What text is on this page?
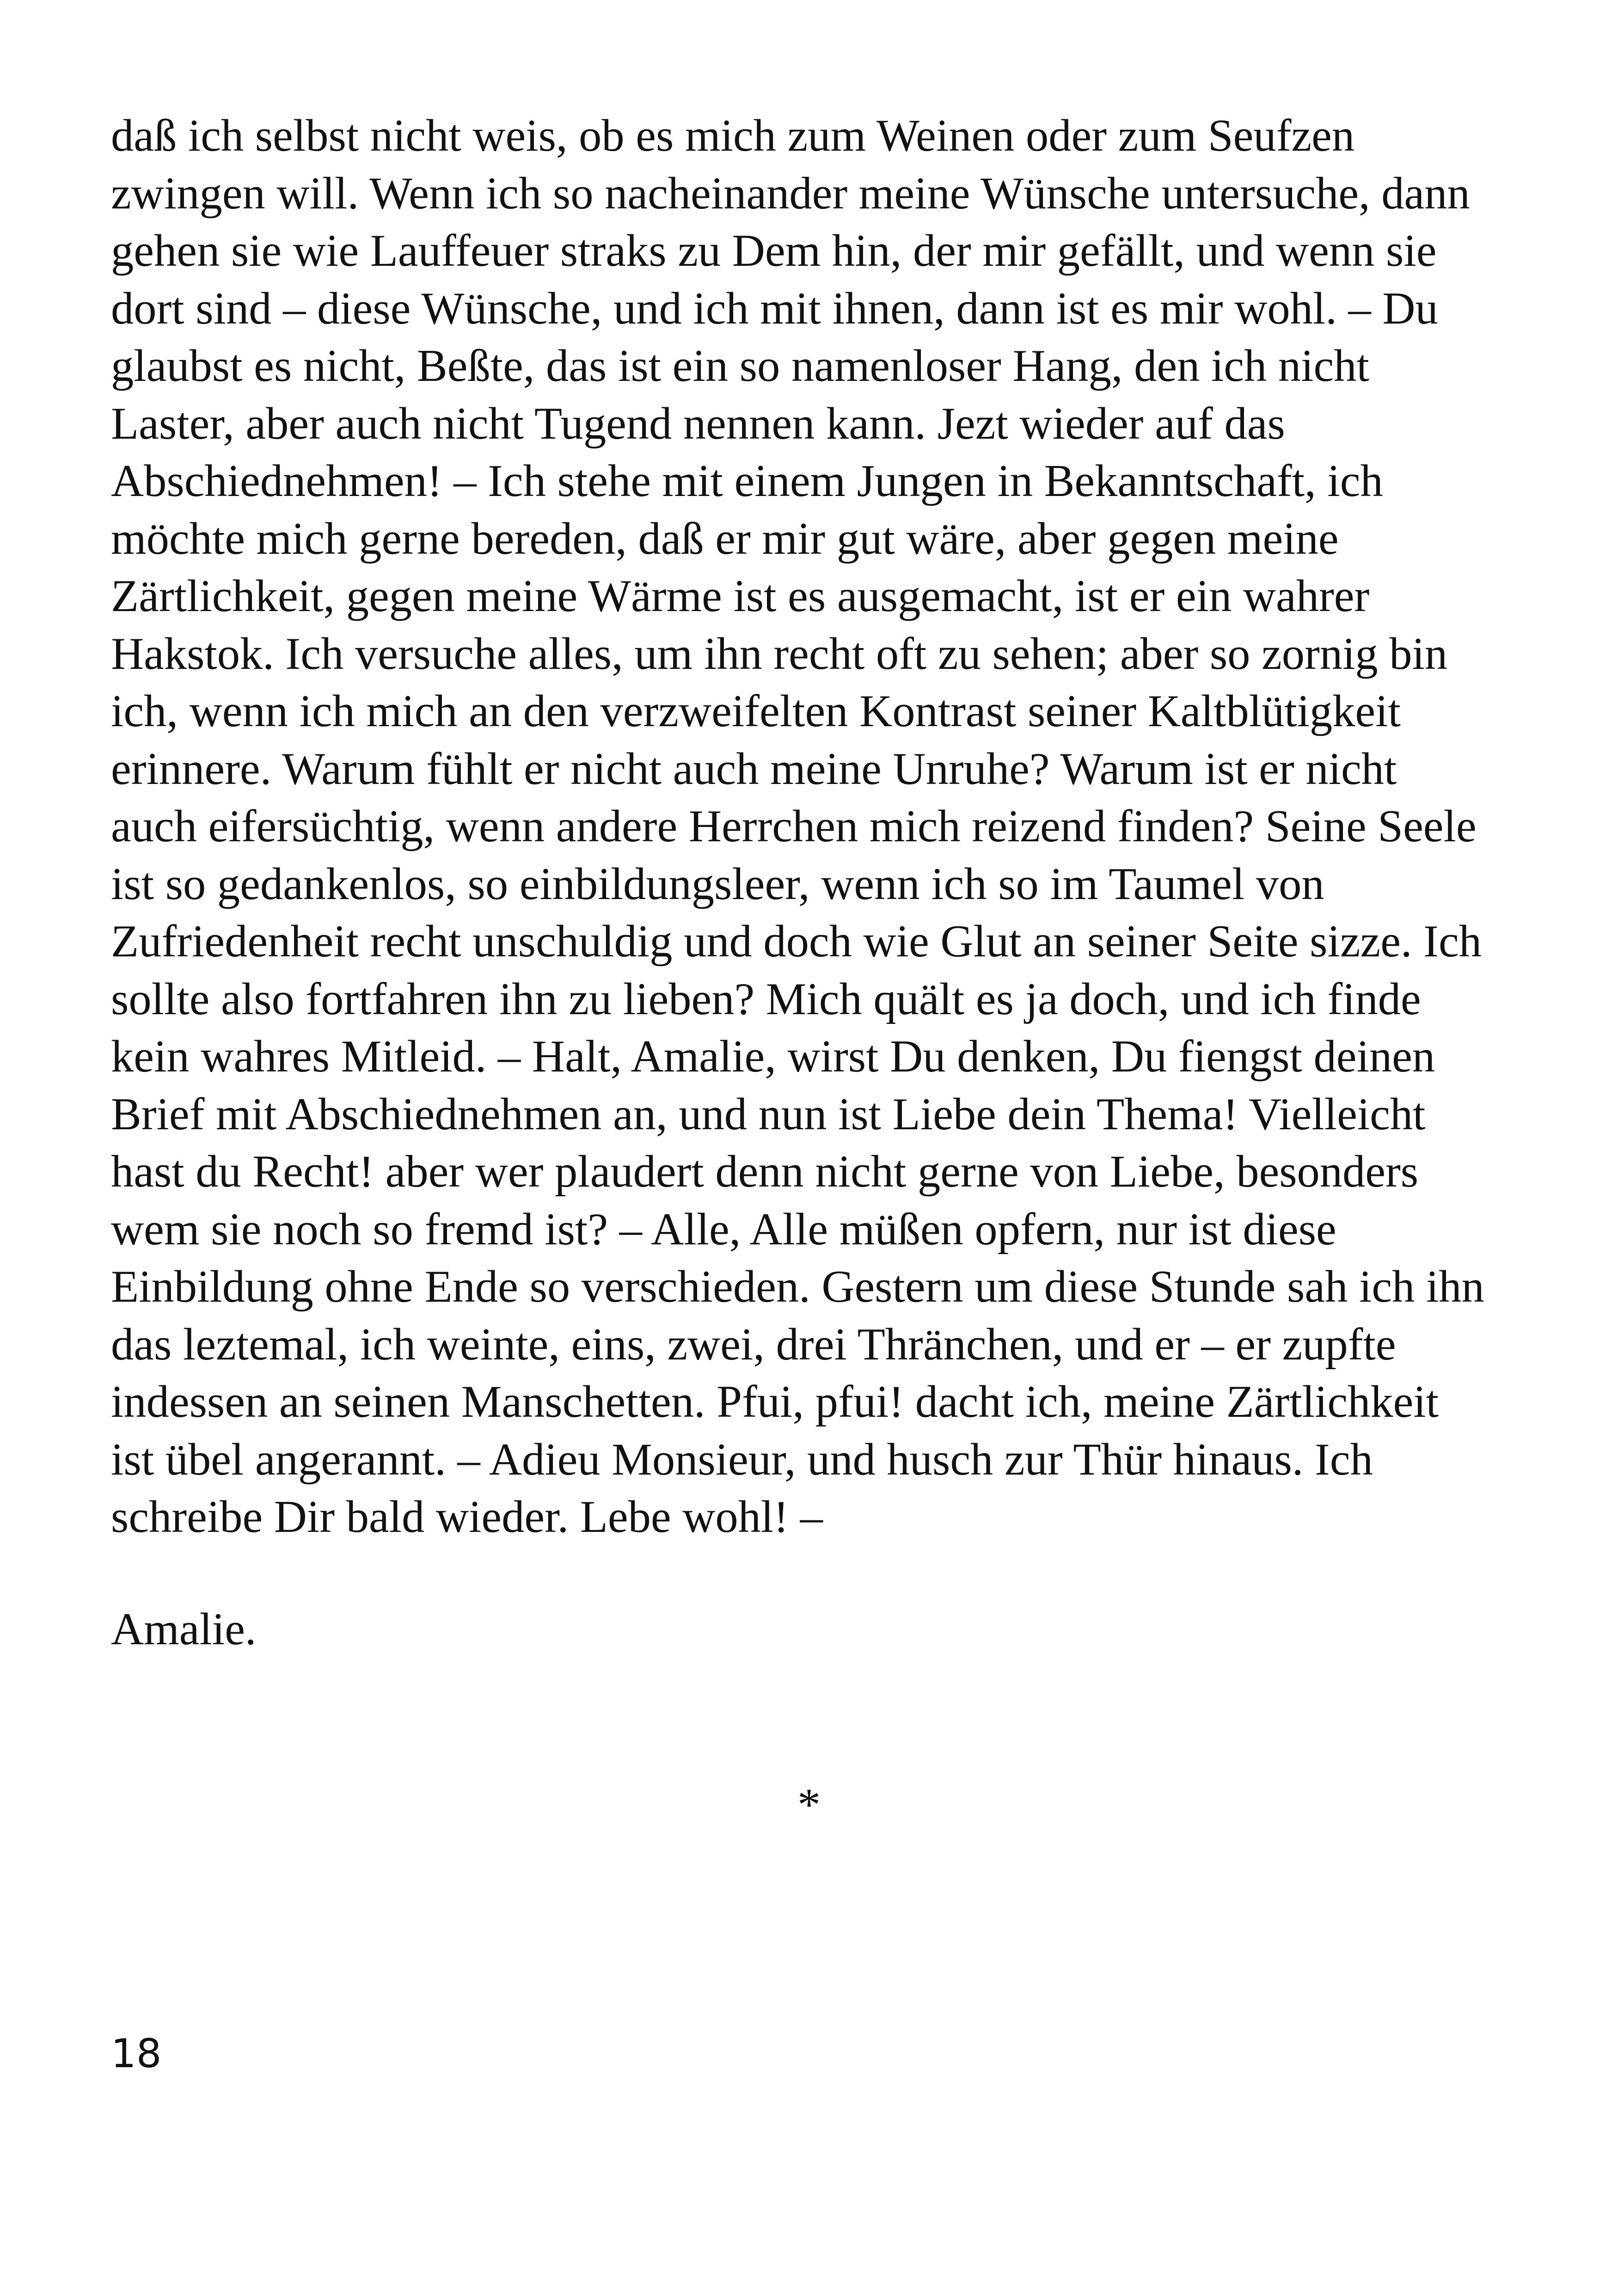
daß ich selbst nicht weis, ob es mich zum Weinen oder zum Seufzen
zwingen will. Wenn ich so nacheinander meine Wünsche untersuche, dann
gehen sie wie Lauffeuer straks zu Dem hin, der mir gefällt, und wenn sie
dort sind – diese Wünsche, und ich mit ihnen, dann ist es mir wohl. – Du
glaubst es nicht, Beßte, das ist ein so namenloser Hang, den ich nicht
Laster, aber auch nicht Tugend nennen kann. Jezt wieder auf das
Abschiednehmen! – Ich stehe mit einem Jungen in Bekanntschaft, ich
möchte mich gerne bereden, daß er mir gut wäre, aber gegen meine
Zärtlichkeit, gegen meine Wärme ist es ausgemacht, ist er ein wahrer
Hakstok. Ich versuche alles, um ihn recht oft zu sehen; aber so zornig bin
ich, wenn ich mich an den verzweifelten Kontrast seiner Kaltblütigkeit
erinnere. Warum fühlt er nicht auch meine Unruhe? Warum ist er nicht
auch eifersüchtig, wenn andere Herrchen mich reizend finden? Seine Seele
ist so gedankenlos, so einbildungsleer, wenn ich so im Taumel von
Zufriedenheit recht unschuldig und doch wie Glut an seiner Seite sizze. Ich
sollte also fortfahren ihn zu lieben? Mich quält es ja doch, und ich finde
kein wahres Mitleid. – Halt, Amalie, wirst Du denken, Du fiengst deinen
Brief mit Abschiednehmen an, und nun ist Liebe dein Thema! Vielleicht
hast du Recht! aber wer plaudert denn nicht gerne von Liebe, besonders
wem sie noch so fremd ist? – Alle, Alle müßen opfern, nur ist diese
Einbildung ohne Ende so verschieden. Gestern um diese Stunde sah ich ihn
das leztemal, ich weinte, eins, zwei, drei Thränchen, und er – er zupfte
indessen an seinen Manschetten. Pfui, pfui! dacht ich, meine Zärtlichkeit
ist übel angerannt. – Adieu Monsieur, und husch zur Thür hinaus. Ich
schreibe Dir bald wieder. Lebe wohl! –

Amalie.

*
18
